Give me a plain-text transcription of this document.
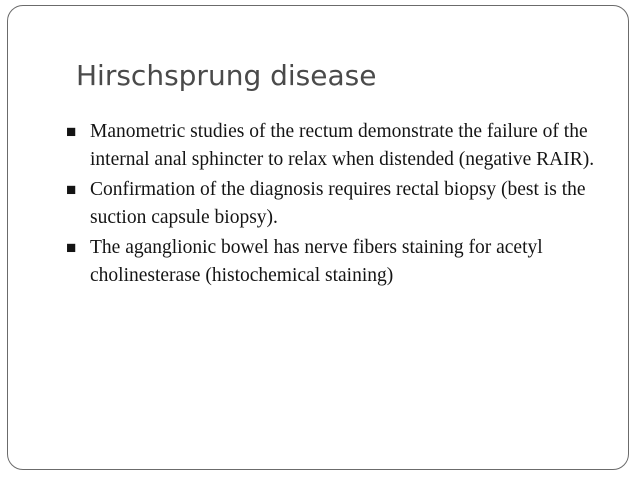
Hirschsprung disease
■ Manometric studies of the rectum demonstrate the failure of the internal anal sphincter to relax when distended (negative RAIR).
■ Confirmation of the diagnosis requires rectal biopsy (best is the suction capsule biopsy).
■ The aganglionic bowel has nerve fibers staining for acetyl cholinesterase (histochemical staining)
